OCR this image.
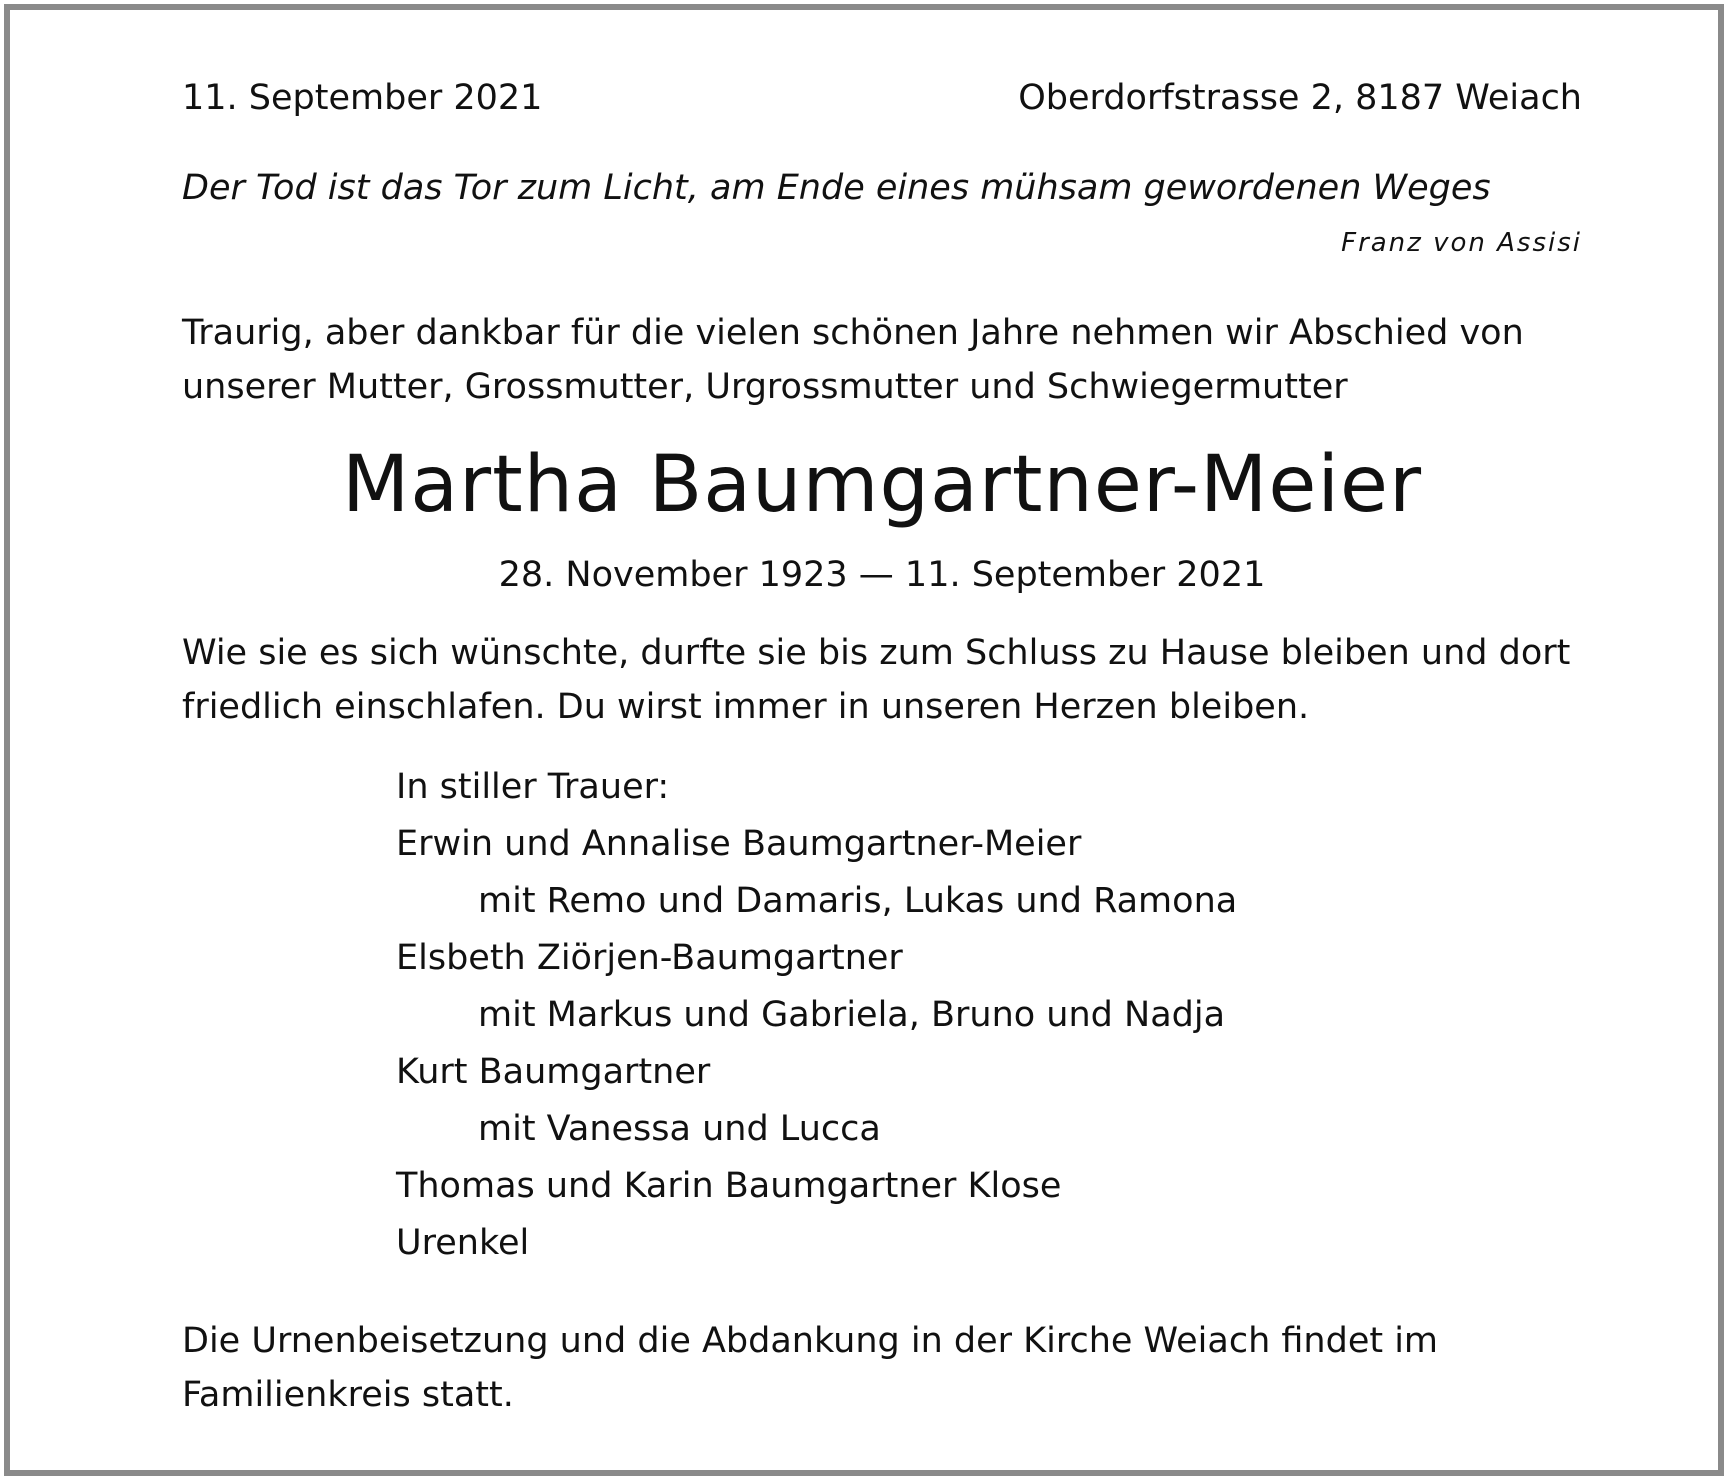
11. September 2021	Oberdorfstrasse 2, 8187 Weiach
Der Tod ist das Tor zum Licht, am Ende eines mühsam gewordenen Weges
Franz von Assisi
Traurig, aber dankbar für die vielen schönen Jahre nehmen wir Abschied von unserer Mutter, Grossmutter, Urgrossmutter und Schwiegermutter
Martha Baumgartner-Meier
28. November 1923 — 11. September 2021
Wie sie es sich wünschte, durfte sie bis zum Schluss zu Hause bleiben und dort friedlich einschlafen. Du wirst immer in unseren Herzen bleiben.
In stiller Trauer:
Erwin und Annalise Baumgartner-Meier
mit Remo und Damaris, Lukas und Ramona
Elsbeth Ziörjen-Baumgartner
mit Markus und Gabriela, Bruno und Nadja
Kurt Baumgartner
mit Vanessa und Lucca
Thomas und Karin Baumgartner Klose
Urenkel
Die Urnenbeisetzung und die Abdankung in der Kirche Weiach findet im Familienkreis statt.
